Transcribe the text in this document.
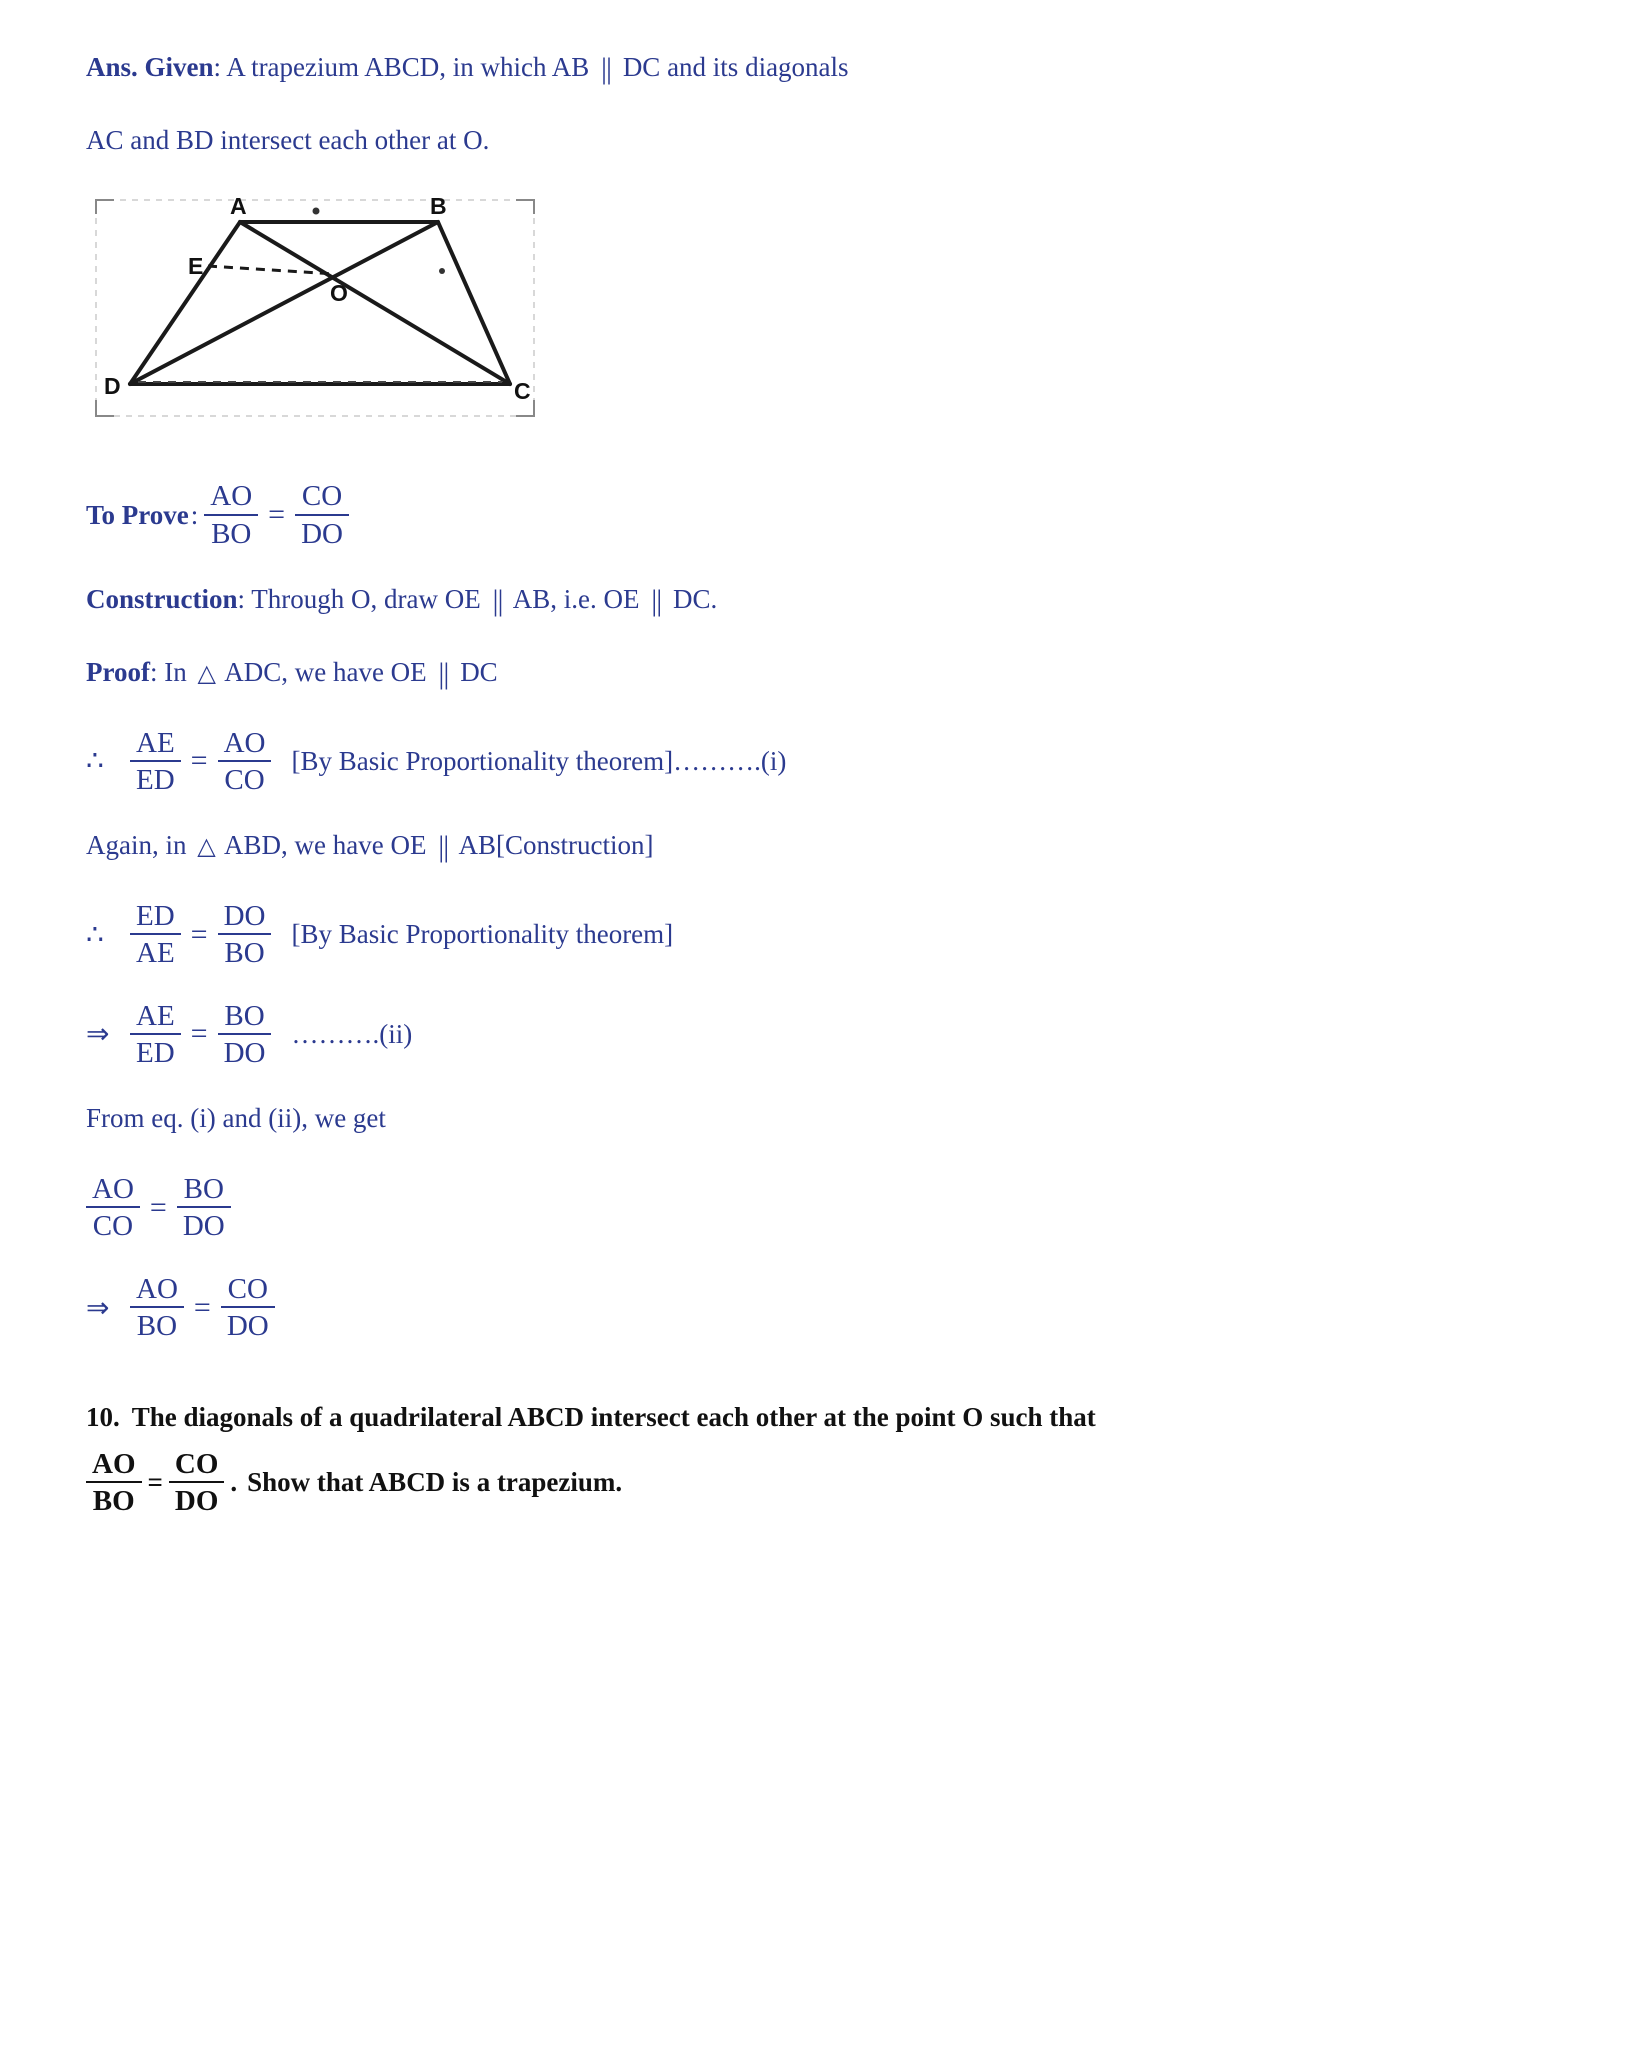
Ans. Given: A trapezium ABCD, in which AB || DC and its diagonals
AC and BD intersect each other at O.
A	B
C
D
E
O
To Prove : $\frac{AO}{BO} = \frac{CO}{DO}$
Construction: Through O, draw OE || AB, i.e. OE || DC.
Proof: In △ ADC, we have OE || DC
∴ $\frac{AE}{ED} = \frac{AO}{CO} [By$ Basic Proportionality theorem]……….(i)
Again, in △ ABD, we have OE || AB[Construction]
∴ $\frac{ED}{AE} = \frac{DO}{BO} [By$ Basic Proportionality theorem]
⇒ $\frac{AE}{ED} = \frac{BO}{DO}$ ……….(ii)
From eq. (i) and (ii), we get
$\frac{AO}{CO} = \frac{BO}{DO}$
⇒ $\frac{AO}{BO} = \frac{CO}{DO}$
10. The diagonals of a quadrilateral ABCD intersect each other at the point O such that
$\frac{AO}{BO} = \frac{CO}{DO}$ . Show that ABCD is a trapezium.
